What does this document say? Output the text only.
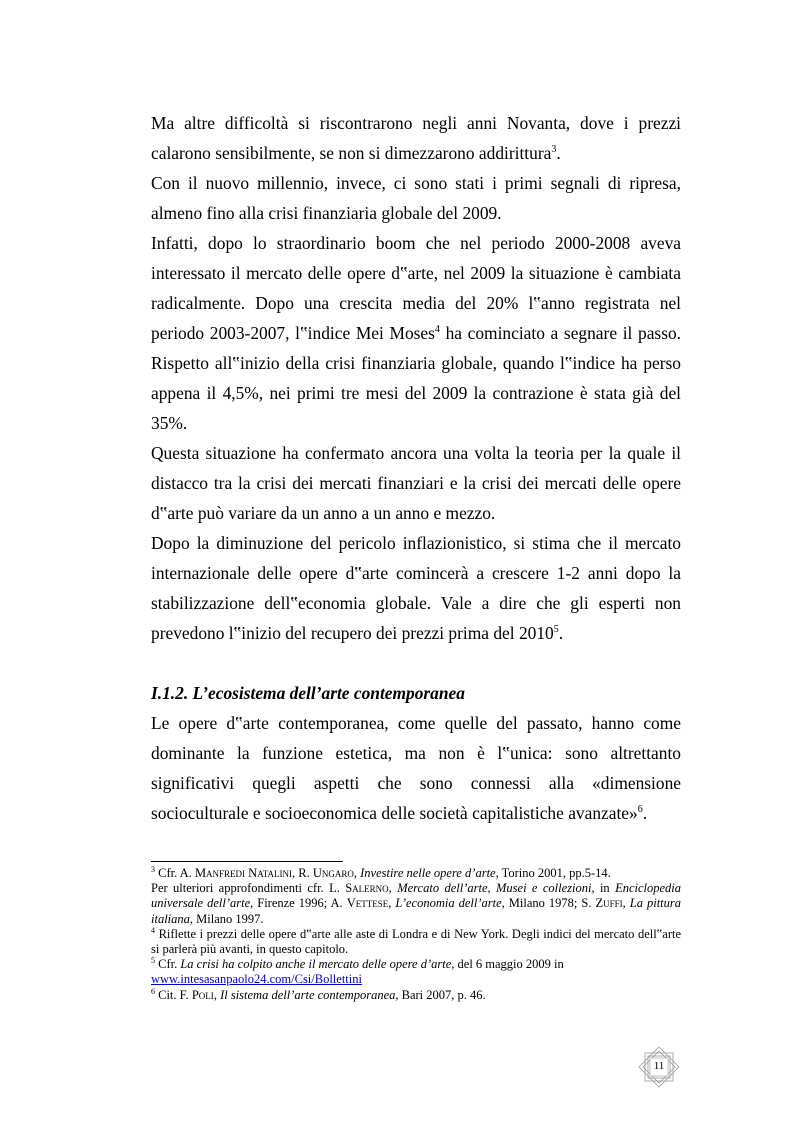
Ma altre difficoltà si riscontrarono negli anni Novanta, dove i prezzi calarono sensibilmente, se non si dimezzarono addirittura$^3$.

Con il nuovo millennio, invece, ci sono stati i primi segnali di ripresa, almeno fino alla crisi finanziaria globale del 2009.

Infatti, dopo lo straordinario boom che nel periodo 2000-2008 aveva interessato il mercato delle opere d‟arte, nel 2009 la situazione è cambiata radicalmente. Dopo una crescita media del 20% l‟anno registrata nel periodo 2003-2007, l‟indice Mei Moses$^4$ ha cominciato a segnare il passo. Rispetto all‟inizio della crisi finanziaria globale, quando l‟indice ha perso appena il 4,5%, nei primi tre mesi del 2009 la contrazione è stata già del 35%.

Questa situazione ha confermato ancora una volta la teoria per la quale il distacco tra la crisi dei mercati finanziari e la crisi dei mercati delle opere d‟arte può variare da un anno a un anno e mezzo.

Dopo la diminuzione del pericolo inflazionistico, si stima che il mercato internazionale delle opere d‟arte comincerà a crescere 1-2 anni dopo la stabilizzazione dell‟economia globale. Vale a dire che gli esperti non prevedono l‟inizio del recupero dei prezzi prima del 2010$^5$.

I.1.2. L’ecosistema dell’arte contemporanea

Le opere d‟arte contemporanea, come quelle del passato, hanno come dominante la funzione estetica, ma non è l‟unica: sono altrettanto significativi quegli aspetti che sono connessi alla «dimensione socioculturale e socioeconomica delle società capitalistiche avanzate»$^6$.

$^3$ Cfr. A. Manfredi Natalini, R. Ungaro, Investire nelle opere d’arte, Torino 2001, pp.5-14.
Per ulteriori approfondimenti cfr. L. Salerno, Mercato dell’arte, Musei e collezioni, in Enciclopedia universale dell’arte, Firenze 1996; A. Vettese, L’economia dell’arte, Milano 1978; S. Zuffi, La pittura italiana, Milano 1997.

$^4$ Riflette i prezzi delle opere d‟arte alle aste di Londra e di New York. Degli indici del mercato dell‟arte si parlerà più avanti, in questo capitolo.

$^5$ Cfr. La crisi ha colpito anche il mercato delle opere d’arte, del 6 maggio 2009 in
www.intesasanpaolo24.com/Csi/Bollettini

$^6$ Cit. F. Poli, Il sistema dell’arte contemporanea, Bari 2007, p. 46.

11
